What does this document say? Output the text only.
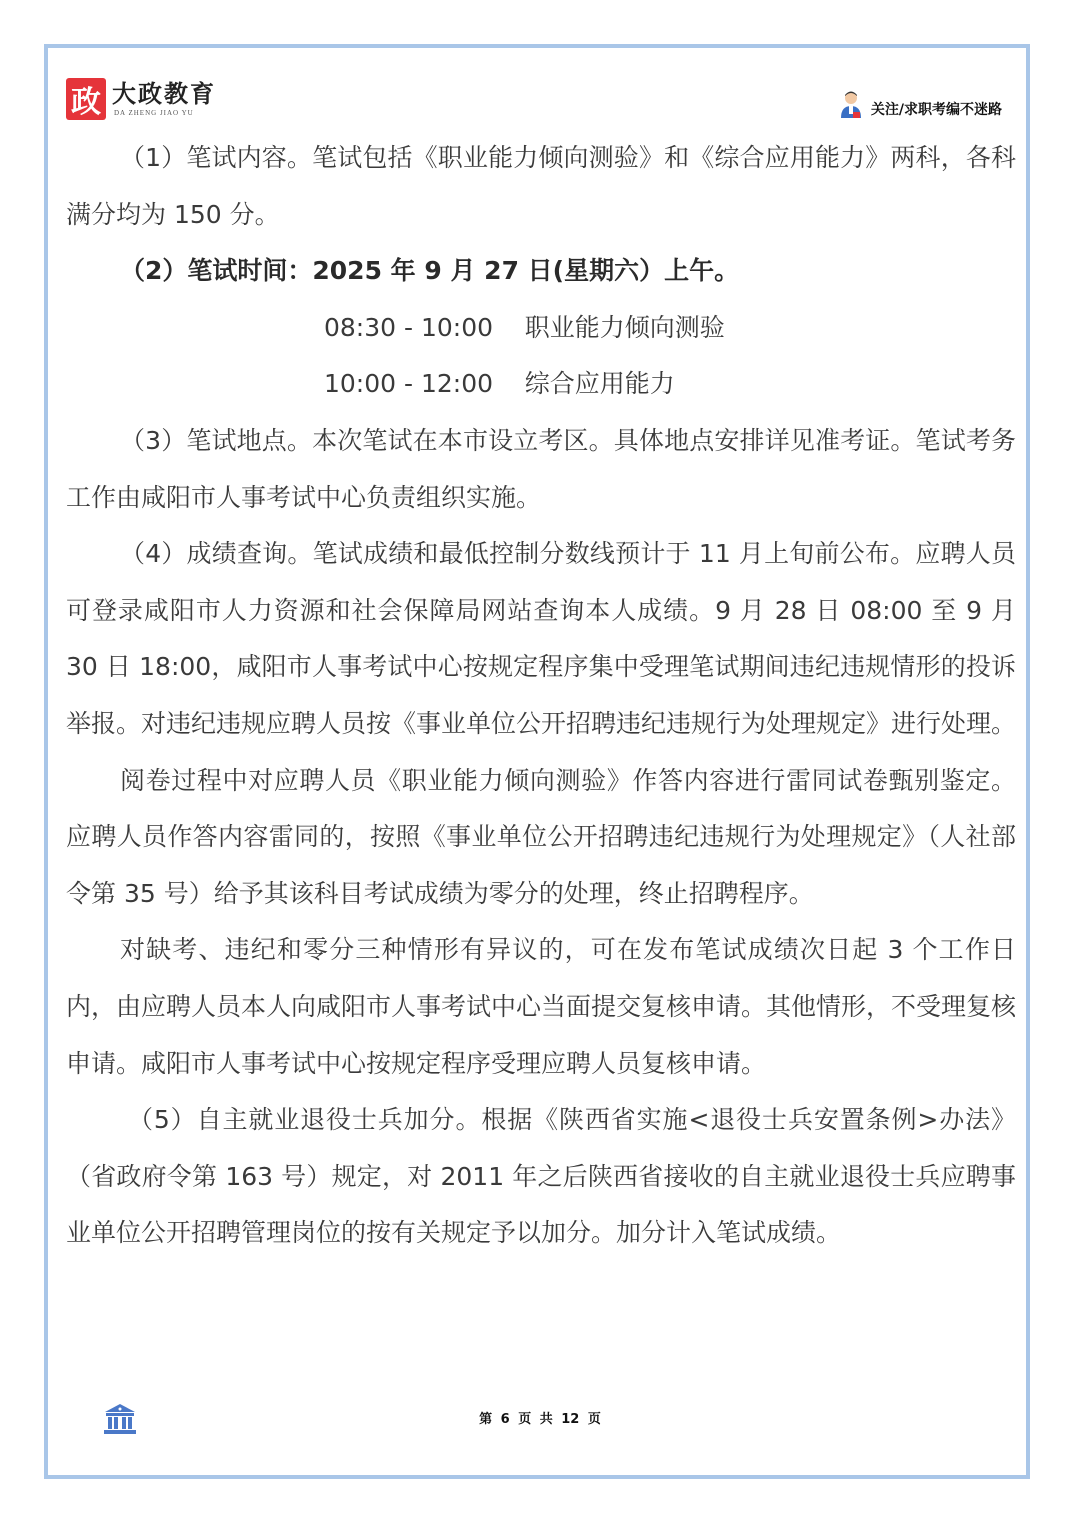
政 大政教育
DA ZHENG JIAO YU	关注/求职考编不迷路

（1）笔试内容。笔试包括《职业能力倾向测验》和《综合应用能力》两科，各科满分均为 150 分。

（2）笔试时间：2025 年 9 月 27 日(星期六）上午。

08:30 - 10:00    职业能力倾向测验

10:00 - 12:00    综合应用能力

（3）笔试地点。本次笔试在本市设立考区。具体地点安排详见准考证。笔试考务工作由咸阳市人事考试中心负责组织实施。

（4）成绩查询。笔试成绩和最低控制分数线预计于 11 月上旬前公布。应聘人员可登录咸阳市人力资源和社会保障局网站查询本人成绩。9 月 28 日 08:00 至 9 月 30 日 18:00，咸阳市人事考试中心按规定程序集中受理笔试期间违纪违规情形的投诉举报。对违纪违规应聘人员按《事业单位公开招聘违纪违规行为处理规定》进行处理。

阅卷过程中对应聘人员《职业能力倾向测验》作答内容进行雷同试卷甄别鉴定。应聘人员作答内容雷同的，按照《事业单位公开招聘违纪违规行为处理规定》（人社部令第 35 号）给予其该科目考试成绩为零分的处理，终止招聘程序。

对缺考、违纪和零分三种情形有异议的，可在发布笔试成绩次日起 3 个工作日内，由应聘人员本人向咸阳市人事考试中心当面提交复核申请。其他情形，不受理复核申请。咸阳市人事考试中心按规定程序受理应聘人员复核申请。

（5）自主就业退役士兵加分。根据《陕西省实施<退役士兵安置条例>办法》（省政府令第 163 号）规定，对 2011 年之后陕西省接收的自主就业退役士兵应聘事业单位公开招聘管理岗位的按有关规定予以加分。加分计入笔试成绩。

第 6 页 共 12 页
